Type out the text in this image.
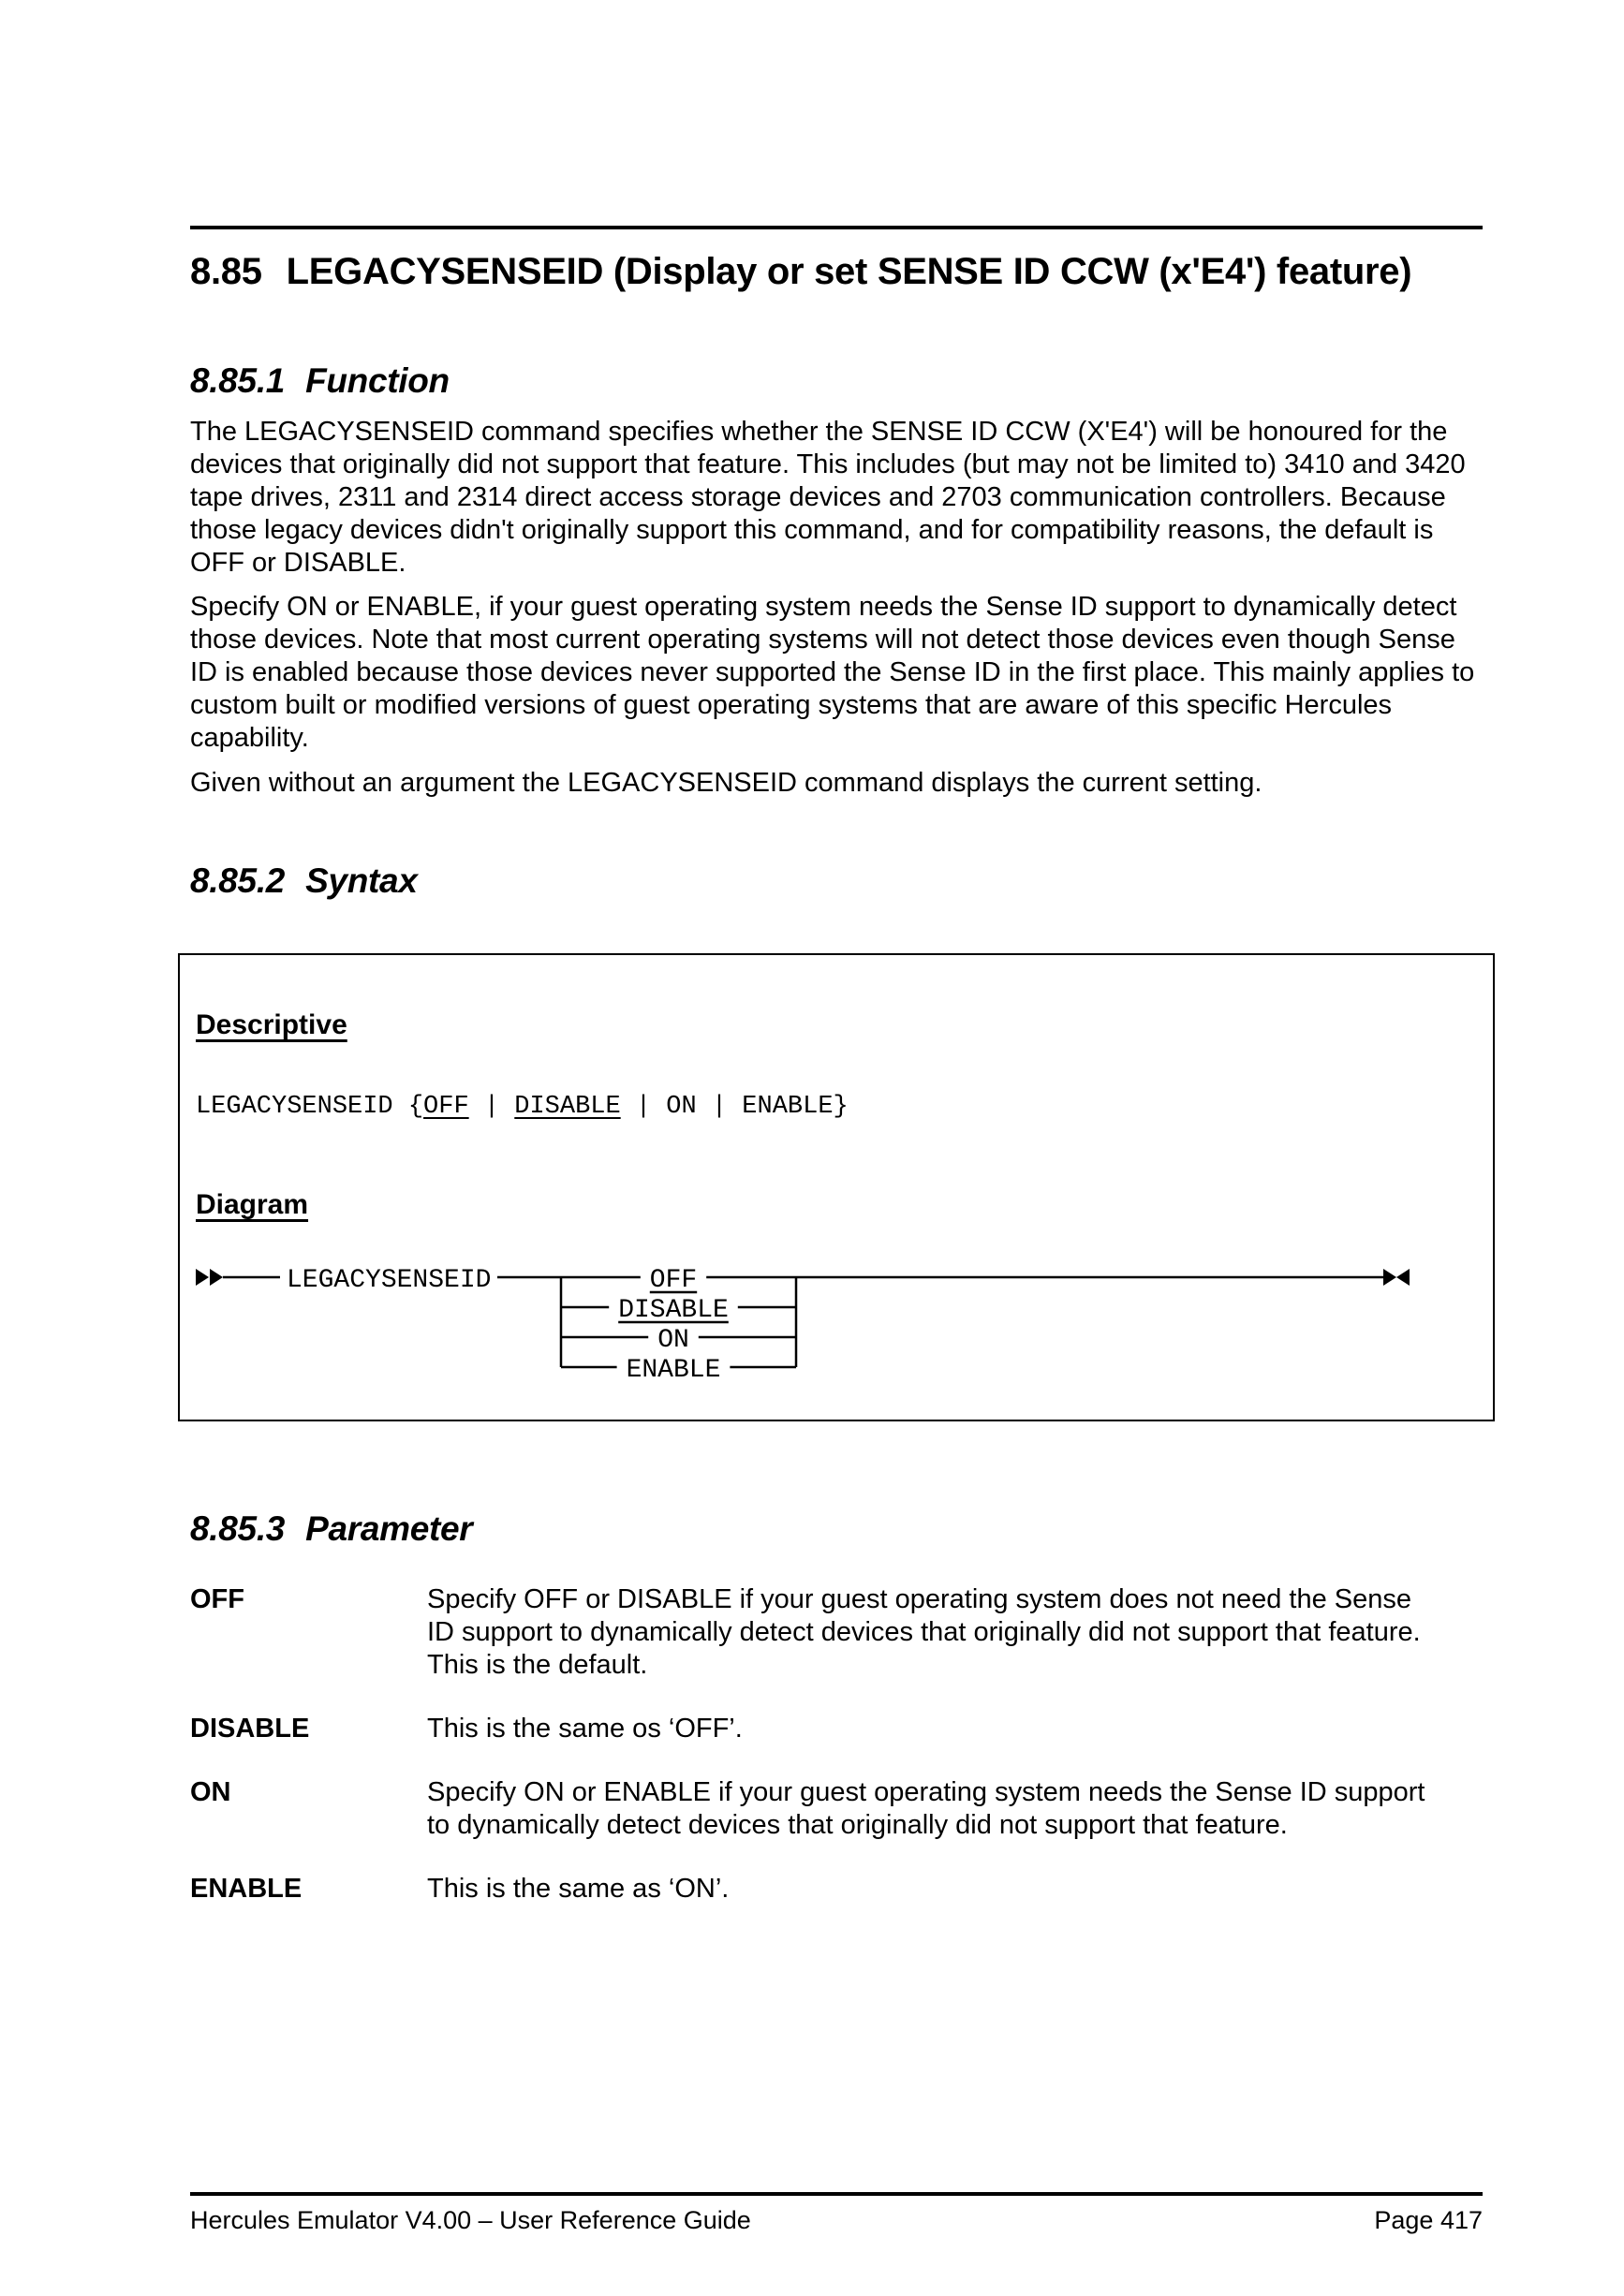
8.85 LEGACYSENSEID (Display or set SENSE ID CCW (x'E4') feature)
8.85.1 Function

The LEGACYSENSEID command specifies whether the SENSE ID CCW (X'E4') will be honoured for the devices that originally did not support that feature. This includes (but may not be limited to) 3410 and 3420 tape drives, 2311 and 2314 direct access storage devices and 2703 communication controllers. Because those legacy devices didn't originally support this command, and for compatibility reasons, the default is OFF or DISABLE.

Specify ON or ENABLE, if your guest operating system needs the Sense ID support to dynamically detect those devices. Note that most current operating systems will not detect those devices even though Sense ID is enabled because those devices never supported the Sense ID in the first place. This mainly applies to custom built or modified versions of guest operating systems that are aware of this specific Hercules capability.

Given without an argument the LEGACYSENSEID command displays the current setting.

8.85.2 Syntax
Descriptive
LEGACYSENSEID {OFF | DISABLE | ON | ENABLE}
Diagram
LEGACYSENSEID	OFF
DISABLE
ON
ENABLE
8.85.3 Parameter
OFF	Specify OFF or DISABLE if your guest operating system does not need the Sense ID support to dynamically detect devices that originally did not support that feature. This is the default.
DISABLE	This is the same os ‘OFF’.
ON	Specify ON or ENABLE if your guest operating system needs the Sense ID support to dynamically detect devices that originally did not support that feature.
ENABLE	This is the same as ‘ON’.
Hercules Emulator V4.00 – User Reference Guide	Page 417
